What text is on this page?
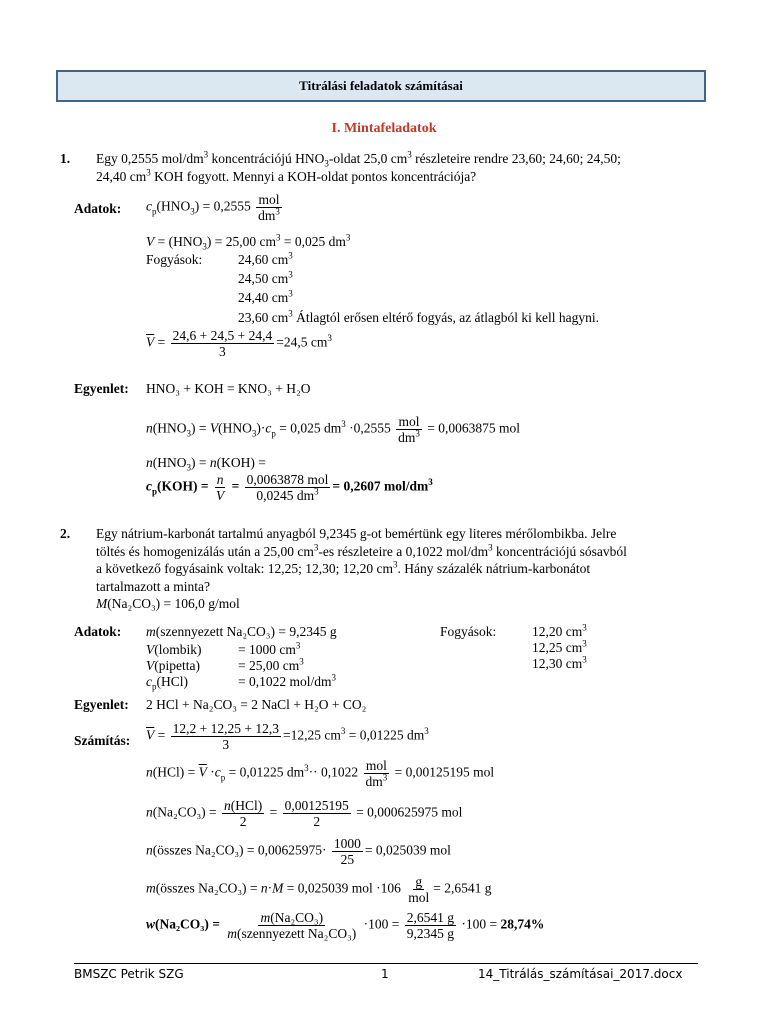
Titrálási feladatok számításai
I. Mintafeladatok
1. Egy 0,2555 mol/$dm^3$ koncentrációjú $HNO_3$-oldat 25,0 $cm^3$ részleteire rendre 23,60; 24,60; 24,50;
24,40 $cm^3$ KOH fogyott. Mennyi a KOH-oldat pontos koncentrációja?
Adatok: $c_p(HNO_3) = 0,2555 \frac{\text{mol}}{dm^3}$
$V = (HNO_3) = 25,00$ $cm^3 = 0,025$ $dm^3$
Fogyások:	24,60 $cm^3$
24,50 $cm^3$
24,40 $cm^3$
23,60 $cm^3$ Átlagtól erősen eltérő fogyás, az átlagból ki kell hagyni.
$\overline{V} = \frac{24,6 + 24,5 + 24,4}{3} =24,5$ $cm^3$
Egyenlet: HNO₃ + KOH = KNO₃ + H₂O
$n(HNO_3) = V(HNO_3)\cdot c_p = 0,025$ $dm^3 \cdot 0,2555 \frac{\text{mol}}{dm^3} = 0,0063875$ mol
$n(HNO_3) = n(KOH)$ =
$c_p(KOH) = \frac{n}{V} = \frac{\text{0,0063878 mol}}{0,0245 dm^3} = 0,2607$ mol/$dm^3$
2. Egy nátrium-karbonát tartalmú anyagból 9,2345 g-ot bemértünk egy literes mérőlombikba. Jelre
töltés és homogenizálás után a 25,00 $cm^3-es$ részleteire a 0,1022 mol/$dm^3$ koncentrációjú sósavból
a következő fogyásaink voltak: 12,25; 12,30; 12,20 $cm^3$. Hány százalék nátrium-karbonátot
tartalmazott a minta?
M(Na₂CO₃) = 106,0 g/mol
Adatok: m(szennyezett Na₂CO₃) = 9,2345 g
V(lombik)	= 1000 $cm^3$
V(pipetta)	= 25,00 $cm^3$
$c_p(HCl)$	= 0,1022 mol/$dm^3$
Fogyások:	12,20 $cm^3$
12,25 $cm^3$
12,30 $cm^3$
Egyenlet: 2 HCl + Na₂CO₃ = 2 NaCl + H₂O + CO₂
Számítás: $\overline{V} = \frac{12,2 + 12,25 + 12,3}{3} =12,25$ $cm^3 = 0,01225$ $dm^3$
$n(HCl) = \overline{V} \cdot c_p = 0,01225$ $dm^3\cdot\cdot 0,1022 \frac{\text{mol}}{dm^3} = 0,00125195$ mol
$n(Na_2CO_3) = \frac{\text{n(HCl)}}{2} = \frac{0,00125195}{2} = 0,000625975$ mol
n(összes $Na_2CO_3) = 0,00625975\cdot \frac{1000}{25} = 0,025039$ mol
m(összes Na₂CO₃) = n·M = 0,025039 mol $\cdot 106 \frac{g}{\text{mol}} = 2,6541$ g
$w(Na_2CO_3) = \frac{\text{m(Na₂CO₃)}}{\text{m(szennyezett Na₂CO₃)}} \cdot 100 = \frac{2,6541 g}{9,2345 g} \cdot 100 = 28,74\%$
BMSZC Petrik SZG	1	14_Titrálás_számításai_2017.docx
